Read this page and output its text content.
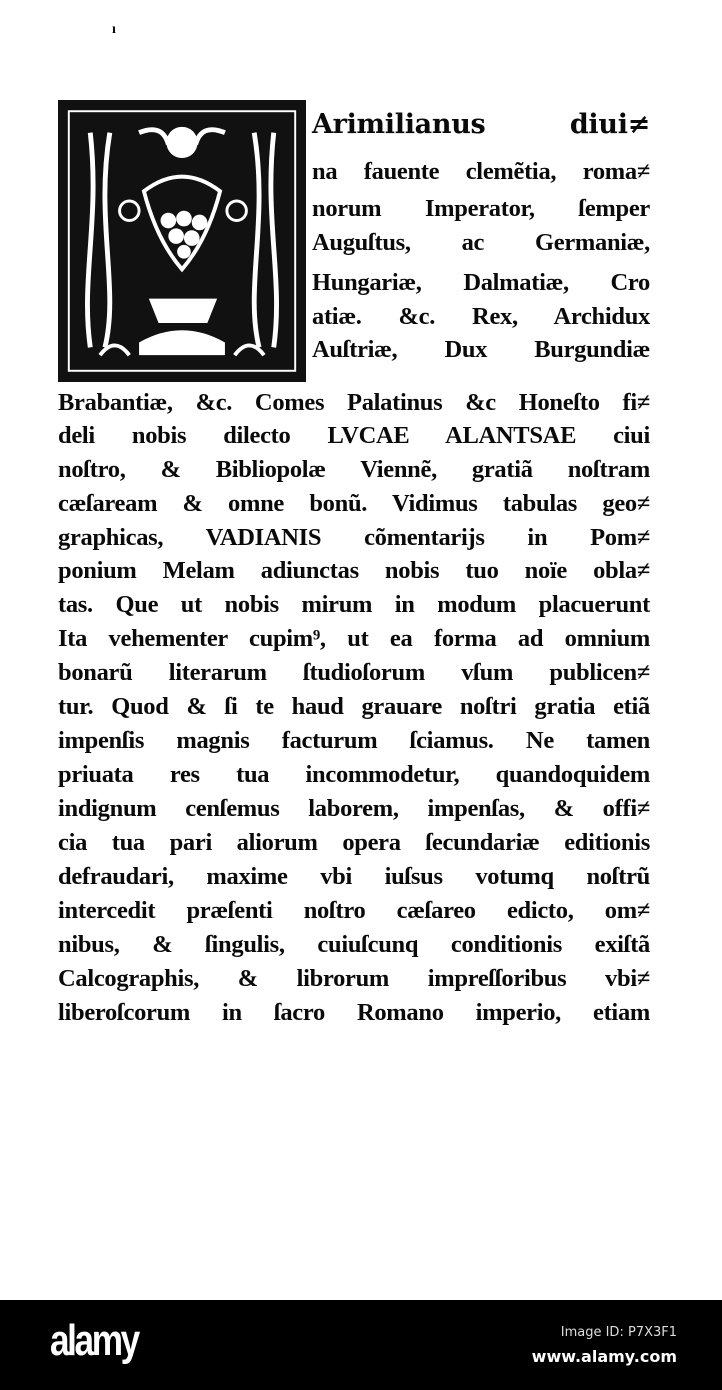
ı
Arimilianus diui≠
na fauente clemẽtia, roma≠
norum Imperator, ſemper
Auguſtus, ac Germaniæ,
Hungariæ, Dalmatiæ, Cro
atiæ. &c. Rex, Archidux
Auſtriæ, Dux Burgundiæ
Brabantiæ, &c. Comes Palatinus &c Honeſto fi≠
deli nobis dilecto LVCAE ALANTSAE ciui
noſtro, & Bibliopolæ Viennẽ, gratiã noſtram
cæſaream & omne bonũ. Vidimus tabulas geo≠
graphicas, VADIANIS cõmentarijs in Pom≠
ponium Melam adiunctas nobis tuo noïe obla≠
tas. Que ut nobis mirum in modum placuerunt
Ita vehementer cupim⁹, ut ea forma ad omnium
bonarũ literarum ſtudioſorum vſum publicen≠
tur. Quod & ſi te haud grauare noſtri gratia etiã
impenſis magnis facturum ſciamus. Ne tamen
priuata res tua incommodetur, quandoquidem
indignum cenſemus laborem, impenſas, & offi≠
cia tua pari aliorum opera ſecundariæ editionis
defraudari, maxime vbi iuſsus votumq noſtrũ
intercedit præſenti noſtro cæſareo edicto, om≠
nibus, & ſingulis, cuiuſcunq conditionis exiſtã
Calcographis, & librorum impreſſoribus vbi≠
liberoſcorum in ſacro Romano imperio, etiam
alamy	Image ID: P7X3F1
www.alamy.com
